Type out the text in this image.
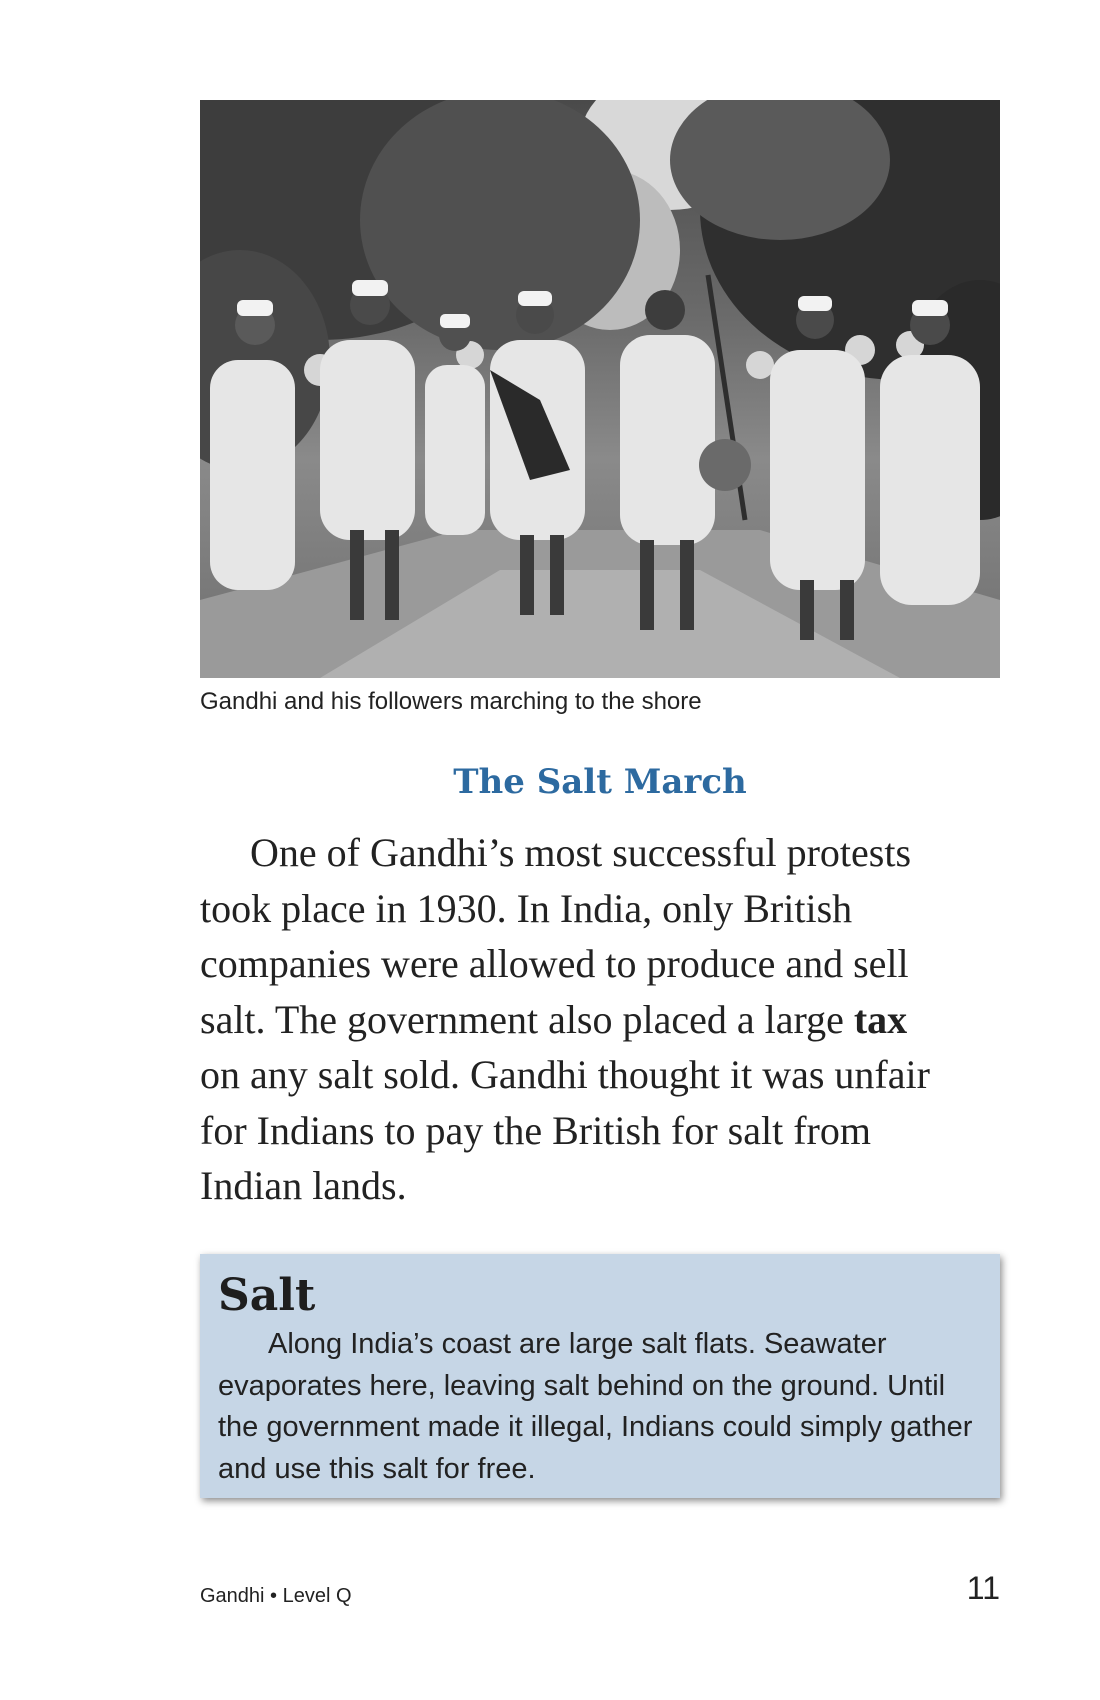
Gandhi and his followers marching to the shore
The Salt March

One of Gandhi’s most successful protests
took place in 1930. In India, only British
companies were allowed to produce and sell
salt. The government also placed a large tax
on any salt sold. Gandhi thought it was unfair
for Indians to pay the British for salt from
Indian lands.

Salt

Along India’s coast are large salt flats. Seawater
evaporates here, leaving salt behind on the ground. Until
the government made it illegal, Indians could simply gather
and use this salt for free.

Gandhi • Level Q	11
